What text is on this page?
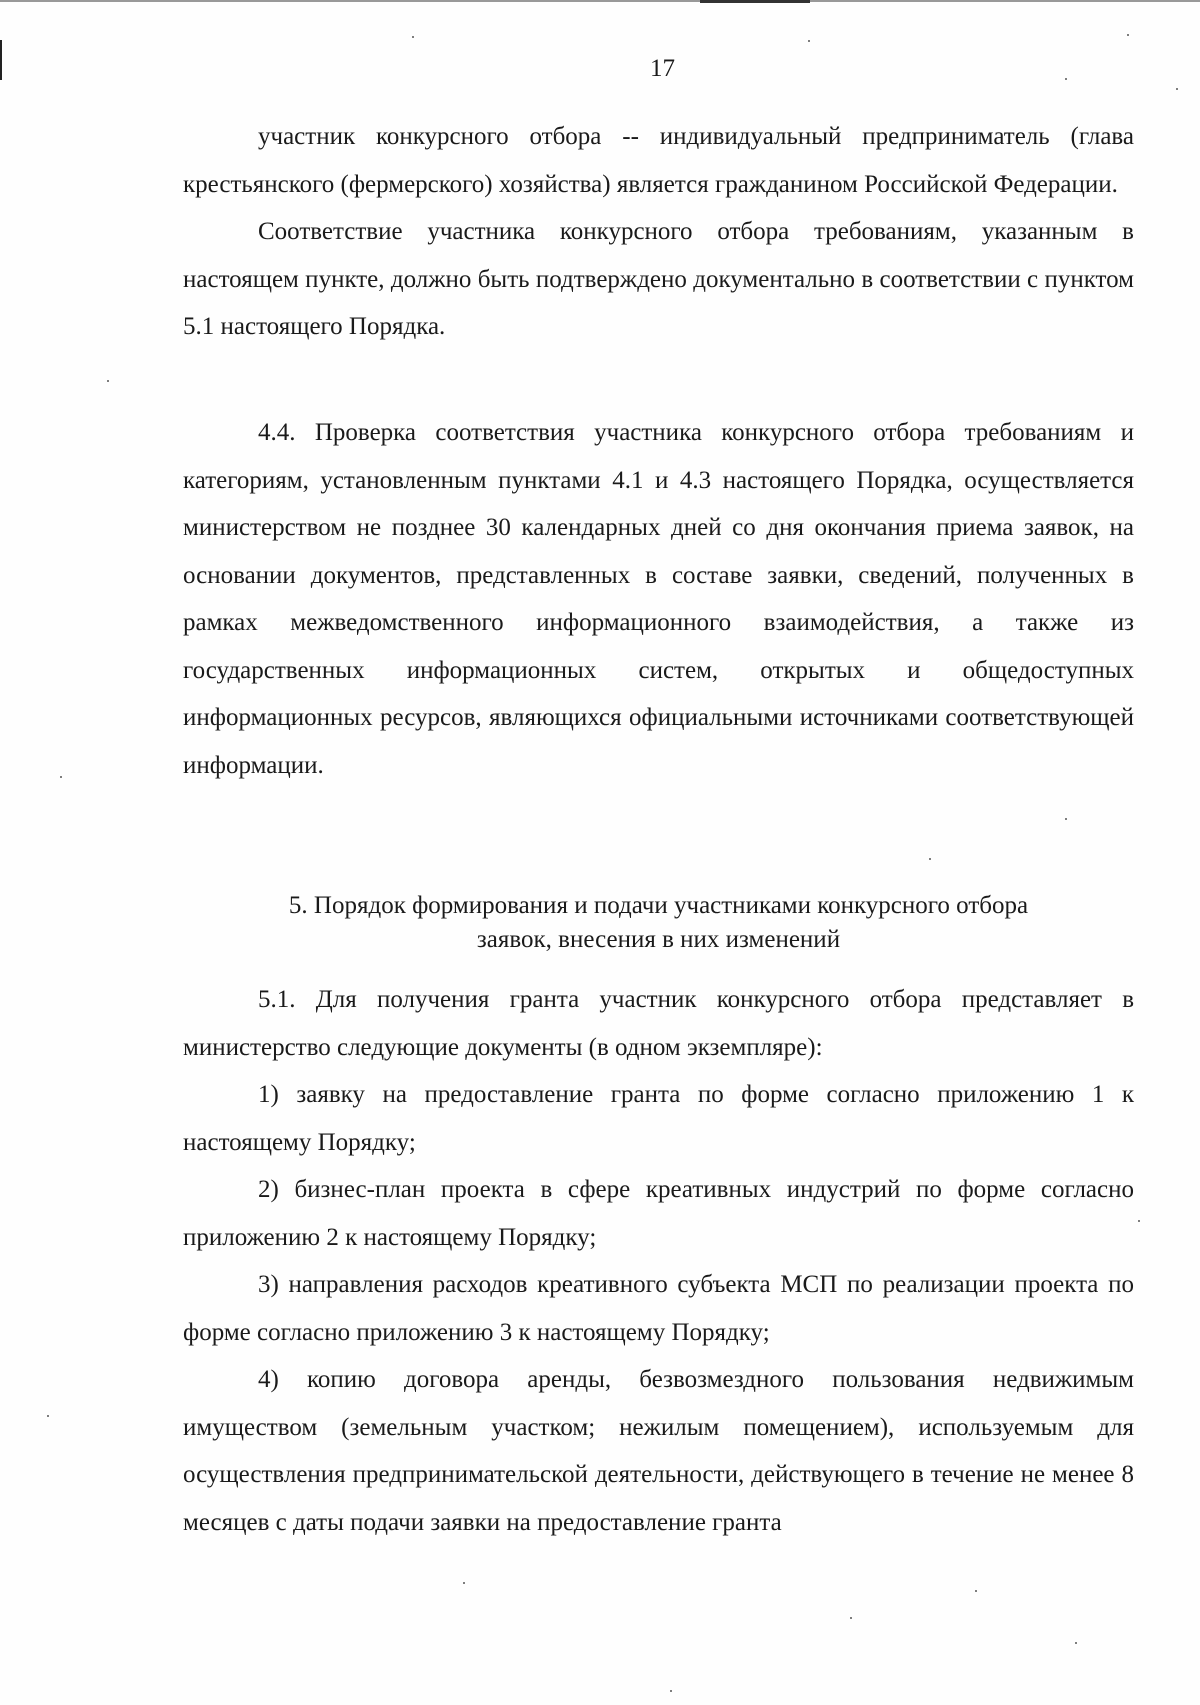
17

участник конкурсного отбора -- индивидуальный предприниматель (глава крестьянского (фермерского) хозяйства) является гражданином Российской Федерации.

Соответствие участника конкурсного отбора требованиям, указанным в настоящем пункте, должно быть подтверждено документально в соответствии с пунктом 5.1 настоящего Порядка.

4.4. Проверка соответствия участника конкурсного отбора требованиям и категориям, установленным пунктами 4.1 и 4.3 настоящего Порядка, осуществляется министерством не позднее 30 календарных дней со дня окончания приема заявок, на основании документов, представленных в составе заявки, сведений, полученных в рамках межведомственного информационного взаимодействия, а также из государственных информационных систем, открытых и общедоступных информационных ресурсов, являющихся официальными источниками соответствующей информации.

5. Порядок формирования и подачи участниками конкурсного отбора
заявок, внесения в них изменений

5.1. Для получения гранта участник конкурсного отбора представляет в министерство следующие документы (в одном экземпляре):

1) заявку на предоставление гранта по форме согласно приложению 1 к настоящему Порядку;

2) бизнес-план проекта в сфере креативных индустрий по форме согласно приложению 2 к настоящему Порядку;

3) направления расходов креативного субъекта МСП по реализации проекта по форме согласно приложению 3 к настоящему Порядку;

4) копию договора аренды, безвозмездного пользования недвижимым имуществом (земельным участком; нежилым помещением), используемым для осуществления предпринимательской деятельности, действующего в течение не менее 8 месяцев с даты подачи заявки на предоставление гранта
